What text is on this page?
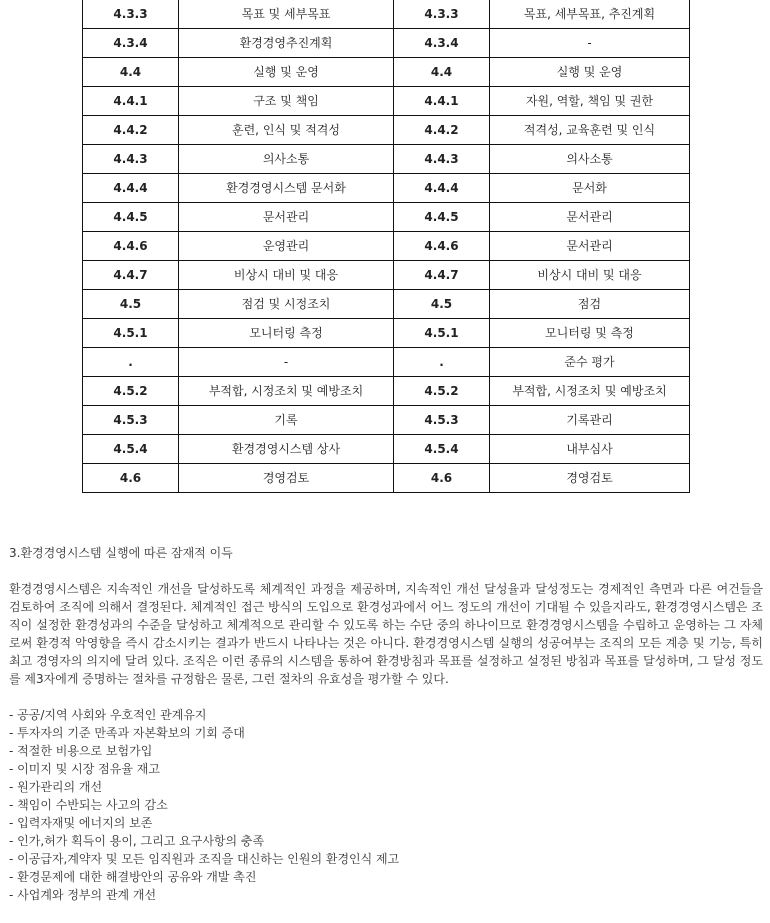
4.3.3	목표 및 세부목표	4.3.3	목표, 세부목표, 추진계획
4.3.4	환경경영추진계획	4.3.4	-
4.4	실행 및 운영	4.4	실행 및 운영
4.4.1	구조 및 책임	4.4.1	자원, 역할, 책임 및 권한
4.4.2	훈련, 인식 및 적격성	4.4.2	적격성, 교육훈련 및 인식
4.4.3	의사소통	4.4.3	의사소통
4.4.4	환경경영시스템 문서화	4.4.4	문서화
4.4.5	문서관리	4.4.5	문서관리
4.4.6	운영관리	4.4.6	문서관리
4.4.7	비상시 대비 및 대응	4.4.7	비상시 대비 및 대응
4.5	점검 및 시정조치	4.5	점검
4.5.1	모니터링 측정	4.5.1	모니터링 및 측정
.	-	.	준수 평가
4.5.2	부적합, 시정조치 및 예방조치	4.5.2	부적합, 시정조치 및 예방조치
4.5.3	기록	4.5.3	기록관리
4.5.4	환경경영시스템 상사	4.5.4	내부심사
4.6	경영검토	4.6	경영검토

3.환경경영시스템 실행에 따른 잠재적 이득

환경경영시스템은 지속적인 개선을 달성하도록 체계적인 과정을 제공하며, 지속적인 개선 달성율과 달성정도는 경제적인 측면과 다른 여건들을 검토하여 조직에 의해서 결정된다. 체계적인 접근 방식의 도입으로 환경성과에서 어느 정도의 개선이 기대될 수 있을지라도, 환경경영시스템은 조직이 설정한 환경성과의 수준을 달성하고 체계적으로 관리할 수 있도록 하는 수단 중의 하나이므로 환경경영시스템을 수립하고 운영하는 그 자체로써 환경적 악영향을 즉시 감소시키는 결과가 반드시 나타나는 것은 아니다. 환경경영시스템 실행의 성공여부는 조직의 모든 계층 및 기능, 특히 최고 경영자의 의지에 달려 있다. 조직은 이런 종류의 시스템을 통하여 환경방침과 목표를 설정하고 설정된 방침과 목표를 달성하며, 그 달성 정도를 제3자에게 증명하는 절차를 규정함은 물론, 그런 절차의 유효성을 평가할 수 있다.

- 공공/지역 사회와 우호적인 관계유지
- 투자자의 기준 만족과 자본확보의 기회 증대
- 적절한 비용으로 보험가입
- 이미지 및 시장 점유율 재고
- 원가관리의 개선
- 책임이 수반되는 사고의 감소
- 입력자재및 에너지의 보존
- 인가,허가 획득이 용이, 그리고 요구사항의 충족
- 이공급자,계약자 및 모든 임직원과 조직을 대신하는 인원의 환경인식 제고
- 환경문제에 대한 해결방안의 공유와 개발 촉진
- 사업계와 정부의 관계 개선
